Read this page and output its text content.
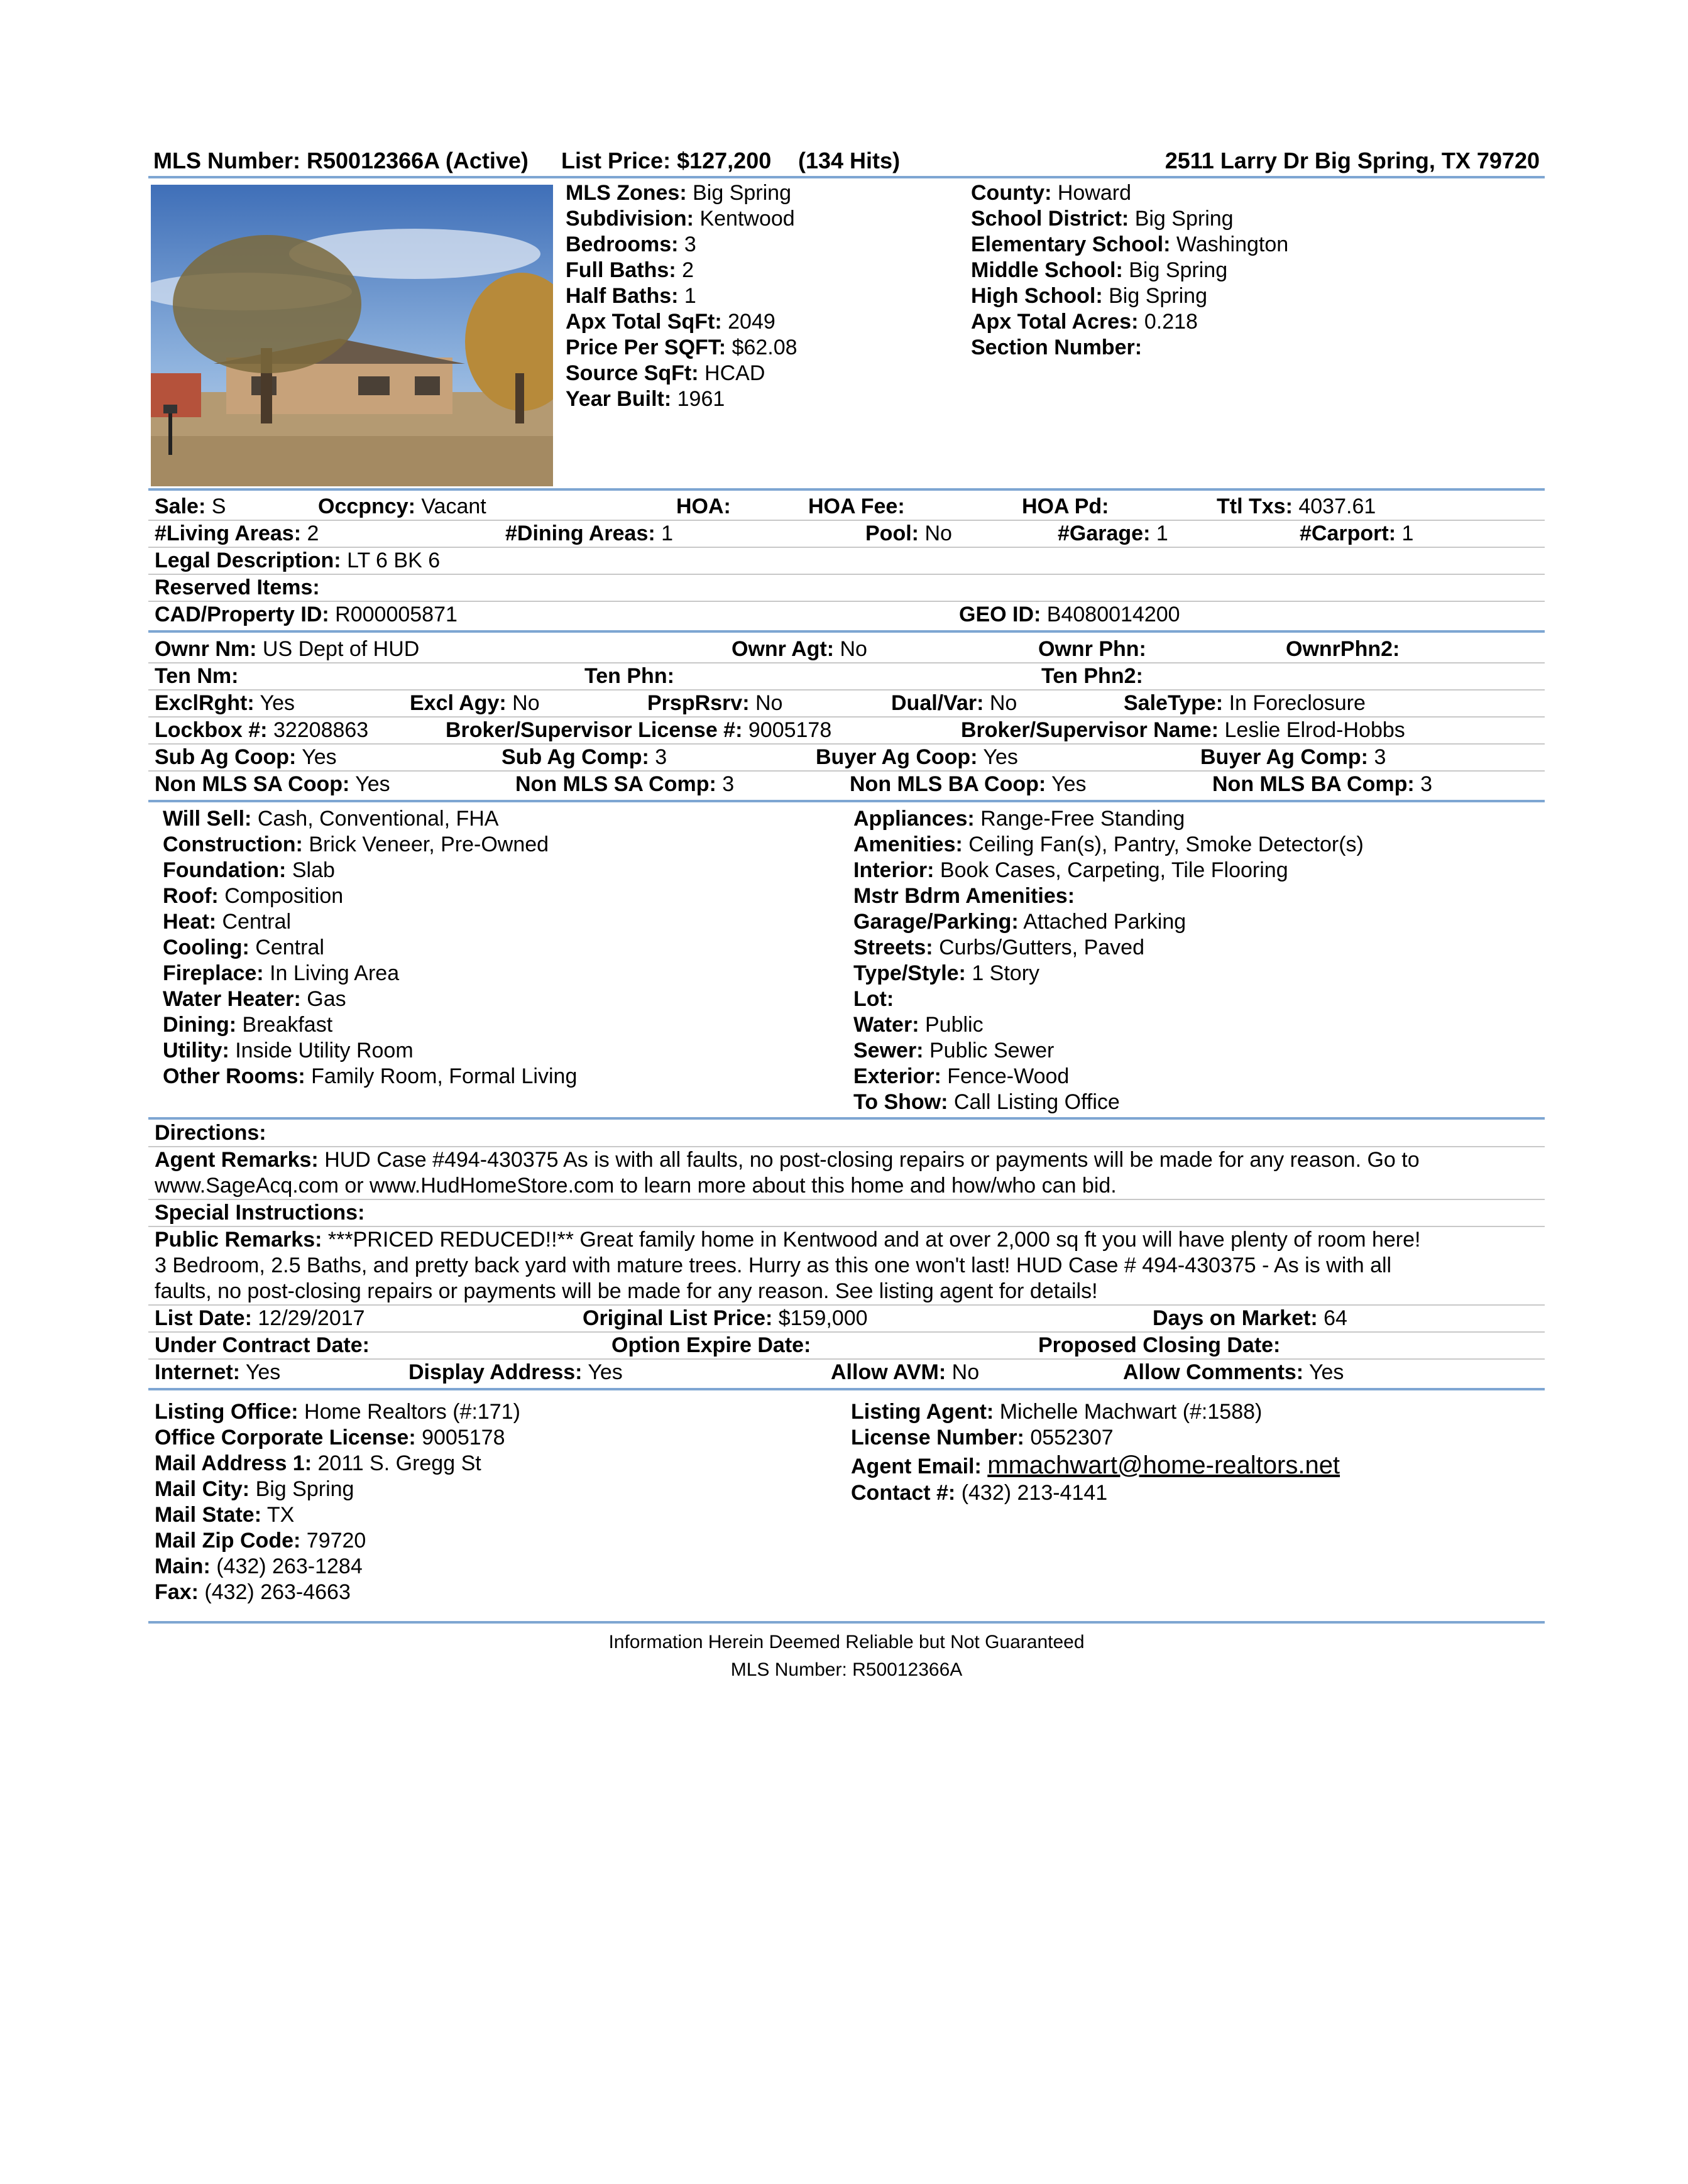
MLS Number: R50012366A (Active) List Price: $127,200 (134 Hits)	2511 Larry Dr Big Spring, TX 79720
MLS Zones: Big Spring
Subdivision: Kentwood
Bedrooms: 3
Full Baths: 2
Half Baths: 1
Apx Total SqFt: 2049
Price Per SQFT: $62.08
Source SqFt: HCAD
Year Built: 1961
County: Howard
School District: Big Spring
Elementary School: Washington
Middle School: Big Spring
High School: Big Spring
Apx Total Acres: 0.218
Section Number:
Sale: S	Occpncy: Vacant	HOA:	HOA Fee:	HOA Pd:	Ttl Txs: 4037.61
#Living Areas: 2	#Dining Areas: 1	Pool: No	#Garage: 1	#Carport: 1
Legal Description: LT 6 BK 6
Reserved Items:
CAD/Property ID: R000005871	GEO ID: B4080014200
Ownr Nm: US Dept of HUD	Ownr Agt: No	Ownr Phn:	OwnrPhn2:
Ten Nm:	Ten Phn:	Ten Phn2:
ExclRght: Yes	Excl Agy: No	PrspRsrv: No	Dual/Var: No	SaleType: In Foreclosure
Lockbox #: 32208863	Broker/Supervisor License #: 9005178	Broker/Supervisor Name: Leslie Elrod-Hobbs
Sub Ag Coop: Yes	Sub Ag Comp: 3	Buyer Ag Coop: Yes	Buyer Ag Comp: 3
Non MLS SA Coop: Yes	Non MLS SA Comp: 3	Non MLS BA Coop: Yes	Non MLS BA Comp: 3
Will Sell: Cash, Conventional, FHA
Construction: Brick Veneer, Pre-Owned
Foundation: Slab
Roof: Composition
Heat: Central
Cooling: Central
Fireplace: In Living Area
Water Heater: Gas
Dining: Breakfast
Utility: Inside Utility Room
Other Rooms: Family Room, Formal Living
Appliances: Range-Free Standing
Amenities: Ceiling Fan(s), Pantry, Smoke Detector(s)
Interior: Book Cases, Carpeting, Tile Flooring
Mstr Bdrm Amenities:
Garage/Parking: Attached Parking
Streets: Curbs/Gutters, Paved
Type/Style: 1 Story
Lot:
Water: Public
Sewer: Public Sewer
Exterior: Fence-Wood
To Show: Call Listing Office
Directions:
Agent Remarks: HUD Case #494-430375 As is with all faults, no post-closing repairs or payments will be made for any reason. Go to
www.SageAcq.com or www.HudHomeStore.com to learn more about this home and how/who can bid.
Special Instructions:
Public Remarks: ***PRICED REDUCED!!** Great family home in Kentwood and at over 2,000 sq ft you will have plenty of room here!
3 Bedroom, 2.5 Baths, and pretty back yard with mature trees. Hurry as this one won't last! HUD Case # 494-430375 - As is with all
faults, no post-closing repairs or payments will be made for any reason. See listing agent for details!
List Date: 12/29/2017	Original List Price: $159,000	Days on Market: 64
Under Contract Date:	Option Expire Date:	Proposed Closing Date:
Internet: Yes	Display Address: Yes	Allow AVM: No	Allow Comments: Yes
Listing Office: Home Realtors (#:171)
Office Corporate License: 9005178
Mail Address 1: 2011 S. Gregg St
Mail City: Big Spring
Mail State: TX
Mail Zip Code: 79720
Main: (432) 263-1284
Fax: (432) 263-4663
Listing Agent: Michelle Machwart (#:1588)
License Number: 0552307
Agent Email: mmachwart@home-realtors.net
Contact #: (432) 213-4141
Information Herein Deemed Reliable but Not Guaranteed
MLS Number: R50012366A
